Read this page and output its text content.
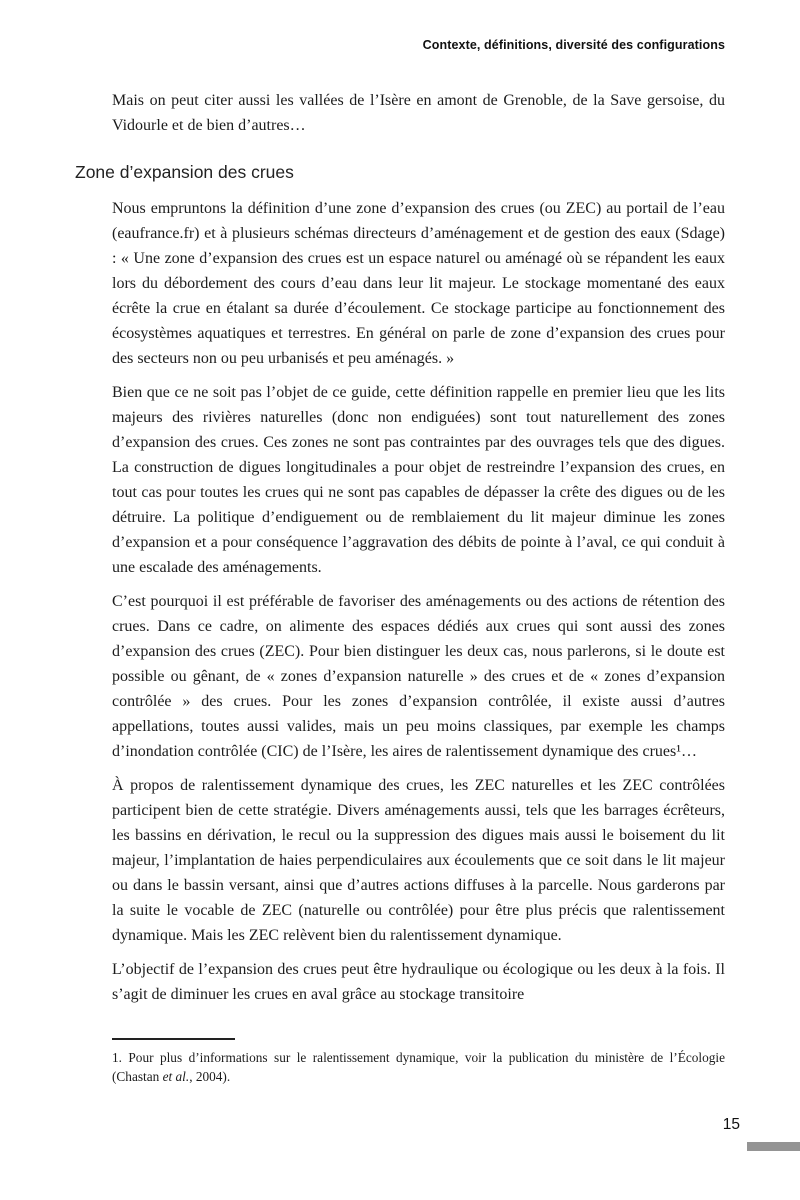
Contexte, définitions, diversité des configurations

Mais on peut citer aussi les vallées de l’Isère en amont de Grenoble, de la Save gersoise, du Vidourle et de bien d’autres…

Zone d’expansion des crues

Nous empruntons la définition d’une zone d’expansion des crues (ou ZEC) au portail de l’eau (eaufrance.fr) et à plusieurs schémas directeurs d’aménagement et de gestion des eaux (Sdage) : « Une zone d’expansion des crues est un espace naturel ou aménagé où se répandent les eaux lors du débordement des cours d’eau dans leur lit majeur. Le stockage momentané des eaux écrête la crue en étalant sa durée d’écoulement. Ce stockage participe au fonctionnement des écosystèmes aquatiques et terrestres. En général on parle de zone d’expansion des crues pour des secteurs non ou peu urbanisés et peu aménagés. »

Bien que ce ne soit pas l’objet de ce guide, cette définition rappelle en premier lieu que les lits majeurs des rivières naturelles (donc non endiguées) sont tout naturellement des zones d’expansion des crues. Ces zones ne sont pas contraintes par des ouvrages tels que des digues. La construction de digues longitudinales a pour objet de restreindre l’expansion des crues, en tout cas pour toutes les crues qui ne sont pas capables de dépasser la crête des digues ou de les détruire. La politique d’endiguement ou de remblaiement du lit majeur diminue les zones d’expansion et a pour conséquence l’aggravation des débits de pointe à l’aval, ce qui conduit à une escalade des aménagements.

C’est pourquoi il est préférable de favoriser des aménagements ou des actions de rétention des crues. Dans ce cadre, on alimente des espaces dédiés aux crues qui sont aussi des zones d’expansion des crues (ZEC). Pour bien distinguer les deux cas, nous parlerons, si le doute est possible ou gênant, de « zones d’expansion naturelle » des crues et de « zones d’expansion contrôlée » des crues. Pour les zones d’expansion contrôlée, il existe aussi d’autres appellations, toutes aussi valides, mais un peu moins classiques, par exemple les champs d’inondation contrôlée (CIC) de l’Isère, les aires de ralentissement dynamique des crues¹…

À propos de ralentissement dynamique des crues, les ZEC naturelles et les ZEC contrôlées participent bien de cette stratégie. Divers aménagements aussi, tels que les barrages écrêteurs, les bassins en dérivation, le recul ou la suppression des digues mais aussi le boisement du lit majeur, l’implantation de haies perpendiculaires aux écoulements que ce soit dans le lit majeur ou dans le bassin versant, ainsi que d’autres actions diffuses à la parcelle. Nous garderons par la suite le vocable de ZEC (naturelle ou contrôlée) pour être plus précis que ralentissement dynamique. Mais les ZEC relèvent bien du ralentissement dynamique.

L’objectif de l’expansion des crues peut être hydraulique ou écologique ou les deux à la fois. Il s’agit de diminuer les crues en aval grâce au stockage transitoire

1. Pour plus d’informations sur le ralentissement dynamique, voir la publication du ministère de l’Écologie (Chastan et al., 2004).

15
